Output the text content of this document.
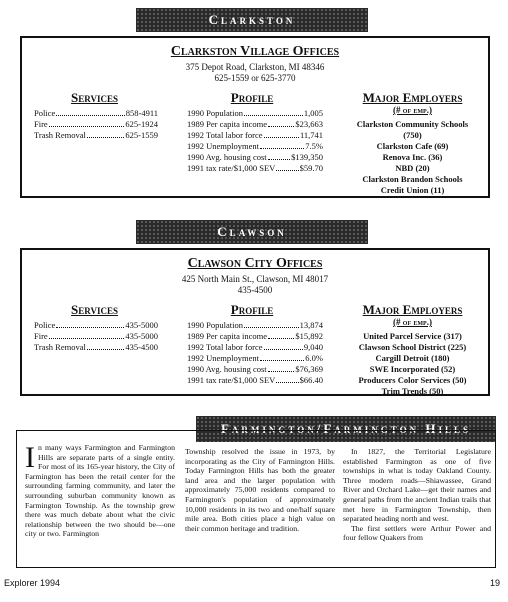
Clarkston
Clarkston Village Offices
375 Depot Road, Clarkston, MI 48346
625-1559 or 625-3770
Services
Police	858-4911
Fire	625-1924
Trash Removal	625-1559
Profile
1990 Population	1,005
1989 Per capita income	$23,663
1992 Total labor force	11,741
1992 Unemployment	7.5%
1990 Avg. housing cost	$139,350
1991 tax rate/$1,000 SEV	$59.70
Major Employers
(# of emp.)
Clarkston Community Schools
(750)
Clarkston Cafe (69)
Renova Inc. (36)
NBD (20)
Clarkston Brandon Schools
Credit Union (11)
Clawson
Clawson City Offices
425 North Main St., Clawson, MI 48017
435-4500
Services
Police	435-5000
Fire	435-5000
Trash Removal	435-4500
Profile
1990 Population	13,874
1989 Per capita income	$15,892
1992 Total labor force	9,040
1992 Unemployment	6.0%
1990 Avg. housing cost	$76,369
1991 tax rate/$1,000 SEV	$66.40
Major Employers
(# of emp.)
United Parcel Service (317)
Clawson School District (225)
Cargill Detroit (180)
SWE Incorporated (52)
Producers Color Services (50)
Trim Trends (50)
Farmington/Farmington Hills
In many ways Farmington and Farmington Hills are separate parts of a single entity. For most of its 165-year history, the City of Farmington has been the retail center for the surrounding farming community, and later the surrounding suburban community known as Farmington Township. As the township grew there was much debate about what the civic relationship between the two should be—one city or two. Farmington
Township resolved the issue in 1973, by incorporating as the City of Farmington Hills. Today Farmington Hills has both the greater land area and the larger population with approximately 75,000 residents compared to Farmington's population of approximately 10,000 residents in its two and one/half square mile area. Both cities place a high value on their common heritage and tradition.
In 1827, the Territorial Legislature established Farmington as one of five townships in what is today Oakland County. Three modern roads—Shiawassee, Grand River and Orchard Lake—get their names and general paths from the ancient Indian trails that met here in Farmington Township, then separated heading north and west.
The first settlers were Arthur Power and four fellow Quakers from
Explorer 1994	19
